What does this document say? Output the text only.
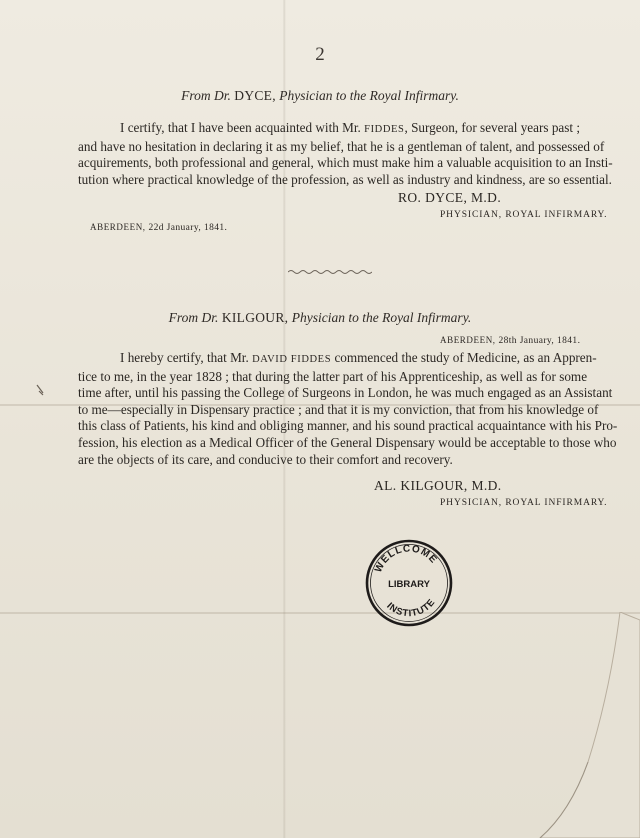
2
From Dr. DYCE, Physician to the Royal Infirmary.
I certify, that I have been acquainted with Mr. FIDDES, Surgeon, for several years past ;
and have no hesitation in declaring it as my belief, that he is a gentleman of talent, and possessed of
acquirements, both professional and general, which must make him a valuable acquisition to an Insti-
tution where practical knowledge of the profession, as well as industry and kindness, are so essential.
RO. DYCE, M.D.
PHYSICIAN, ROYAL INFIRMARY.
ABERDEEN, 22d January, 1841.
From Dr. KILGOUR, Physician to the Royal Infirmary.
ABERDEEN, 28th January, 1841.
I hereby certify, that Mr. DAVID FIDDES commenced the study of Medicine, as an Appren-
tice to me, in the year 1828 ; that during the latter part of his Apprenticeship, as well as for some
time after, until his passing the College of Surgeons in London, he was much engaged as an Assistant
to me—especially in Dispensary practice ; and that it is my conviction, that from his knowledge of
this class of Patients, his kind and obliging manner, and his sound practical acquaintance with his Pro-
fession, his election as a Medical Officer of the General Dispensary would be acceptable to those who
are the objects of its care, and conducive to their comfort and recovery.
AL. KILGOUR, M.D.
PHYSICIAN, ROYAL INFIRMARY.
WELLCOME
LIBRARY
INSTITUTE
